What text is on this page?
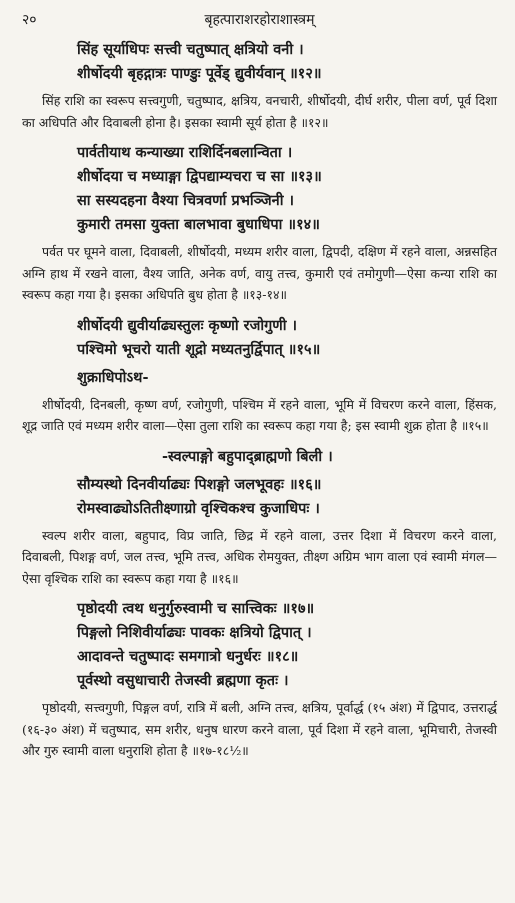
२०	बृहत्पाराशरहोराशास्त्रम्
सिंह सूर्याधिपः सत्त्वी चतुष्पात् क्षत्रियो वनी ।
शीर्षोदयी बृहद्गात्रः पाण्डुः पूर्वेड् द्युवीर्यवान् ॥१२॥

सिंह राशि का स्वरूप सत्त्वगुणी, चतुष्पाद, क्षत्रिय, वनचारी, शीर्षोदयी, दीर्घ शरीर, पीला वर्ण, पूर्व दिशा का अधिपति और दिवाबली होना है। इसका स्वामी सूर्य होता है ॥१२॥

पार्वतीयाथ कन्याख्या राशिर्दिनबलान्विता ।
शीर्षोदया च मध्याङ्गा द्विपद्याम्यचरा च सा ॥१३॥
सा सस्यदहना वैश्या चित्रवर्णा प्रभञ्जिनी ।
कुमारी तमसा युक्ता बालभावा बुधाधिपा ॥१४॥

पर्वत पर घूमने वाला, दिवाबली, शीर्षोदयी, मध्यम शरीर वाला, द्विपदी, दक्षिण में रहने वाला, अन्नसहित अग्नि हाथ में रखने वाला, वैश्य जाति, अनेक वर्ण, वायु तत्त्व, कुमारी एवं तमोगुणी—ऐसा कन्या राशि का स्वरूप कहा गया है। इसका अधिपति बुध होता है ॥१३-१४॥

शीर्षोदयी द्युवीर्याढ्यस्तुलः कृष्णो रजोगुणी ।
पश्चिमो भूचरो याती शूद्रो मध्यतनुर्द्विपात् ॥१५॥
शुक्राधिपोऽथ-

शीर्षोदयी, दिनबली, कृष्ण वर्ण, रजोगुणी, पश्चिम में रहने वाला, भूमि में विचरण करने वाला, हिंसक, शूद्र जाति एवं मध्यम शरीर वाला—ऐसा तुला राशि का स्वरूप कहा गया है; इस स्वामी शुक्र होता है ॥१५॥

-स्वल्पाङ्गो बहुपाद्ब्राह्मणो बिली ।
सौम्यस्थो दिनवीर्याढ्यः पिशङ्गो जलभूवहः ॥१६॥
रोमस्वाढ्योऽतितीक्ष्णाग्रो वृश्चिकश्च कुजाधिपः ।

स्वल्प शरीर वाला, बहुपाद, विप्र जाति, छिद्र में रहने वाला, उत्तर दिशा में विचरण करने वाला, दिवाबली, पिशङ्ग वर्ण, जल तत्त्व, भूमि तत्त्व, अधिक रोमयुक्त, तीक्ष्ण अग्रिम भाग वाला एवं स्वामी मंगल—ऐसा वृश्चिक राशि का स्वरूप कहा गया है ॥१६॥

पृष्ठोदयी त्वथ धनुर्गुरुस्वामी च सात्त्विकः ॥१७॥
पिङ्गलो निशिवीर्याढ्यः पावकः क्षत्रियो द्विपात् ।
आदावन्ते चतुष्पादः समगात्रो धनुर्धरः ॥१८॥
पूर्वस्थो वसुधाचारी तेजस्वी ब्रह्मणा कृतः ।

पृष्ठोदयी, सत्त्वगुणी, पिङ्गल वर्ण, रात्रि में बली, अग्नि तत्त्व, क्षत्रिय, पूर्वार्द्ध (१५ अंश) में द्विपाद, उत्तरार्द्ध (१६-३० अंश) में चतुष्पाद, सम शरीर, धनुष धारण करने वाला, पूर्व दिशा में रहने वाला, भूमिचारी, तेजस्वी और गुरु स्वामी वाला धनुराशि होता है ॥१७-१८½॥
